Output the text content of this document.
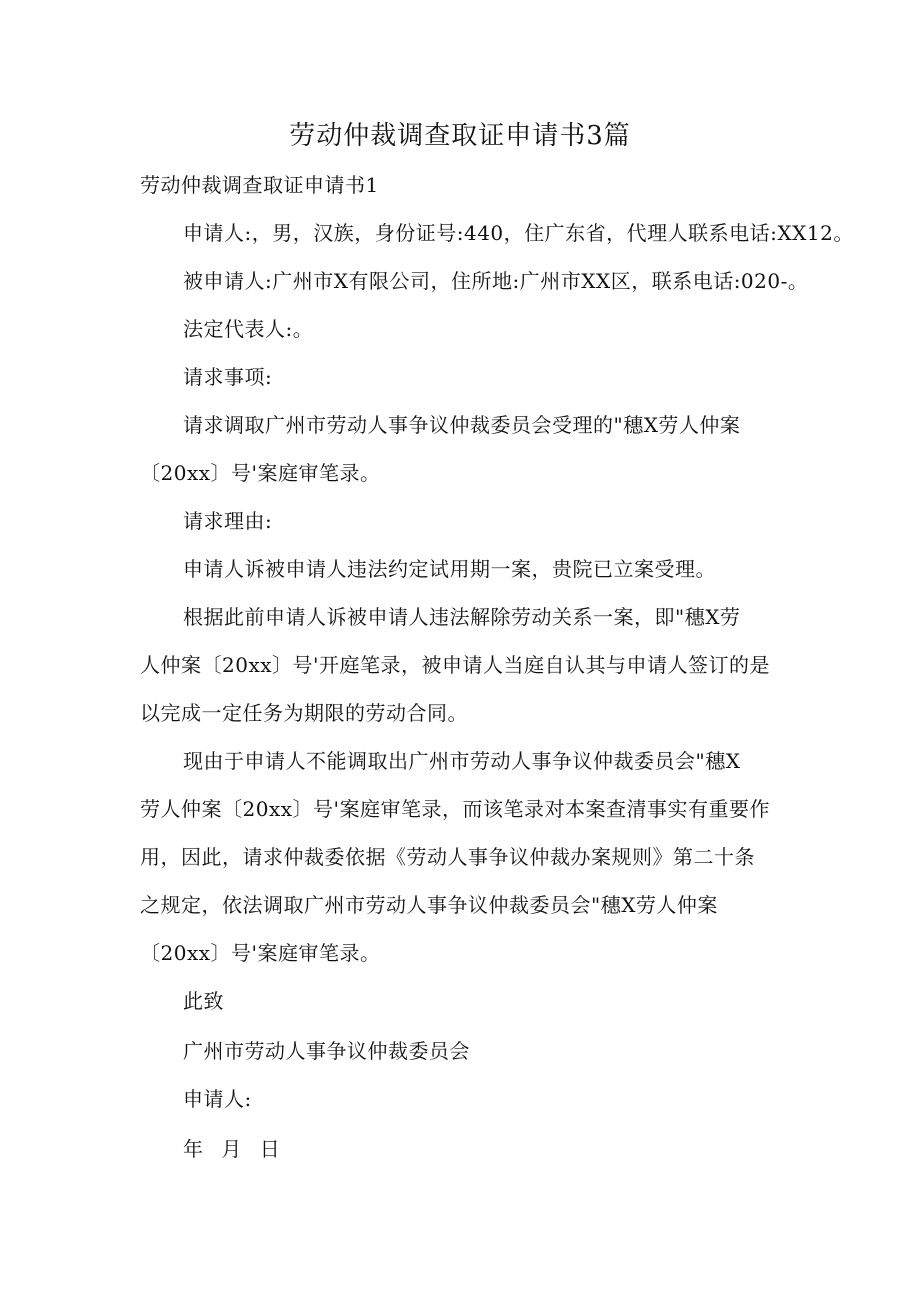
劳动仲裁调查取证申请书3篇
劳动仲裁调查取证申请书1
申请人:，男，汉族，身份证号:440，住广东省，代理人联系电话:XX12。
被申请人:广州市X有限公司，住所地:广州市XX区，联系电话:020-。
法定代表人:。
请求事项:
请求调取广州市劳动人事争议仲裁委员会受理的"穗X劳人仲案
〔20xx〕号'案庭审笔录。
请求理由:
申请人诉被申请人违法约定试用期一案，贵院已立案受理。
根据此前申请人诉被申请人违法解除劳动关系一案，即"穗X劳
人仲案〔20xx〕号'开庭笔录，被申请人当庭自认其与申请人签订的是
以完成一定任务为期限的劳动合同。
现由于申请人不能调取出广州市劳动人事争议仲裁委员会"穗X
劳人仲案〔20xx〕号'案庭审笔录，而该笔录对本案查清事实有重要作
用，因此，请求仲裁委依据《劳动人事争议仲裁办案规则》第二十条
之规定，依法调取广州市劳动人事争议仲裁委员会"穗X劳人仲案
〔20xx〕号'案庭审笔录。
此致
广州市劳动人事争议仲裁委员会
申请人:
年 月 日
